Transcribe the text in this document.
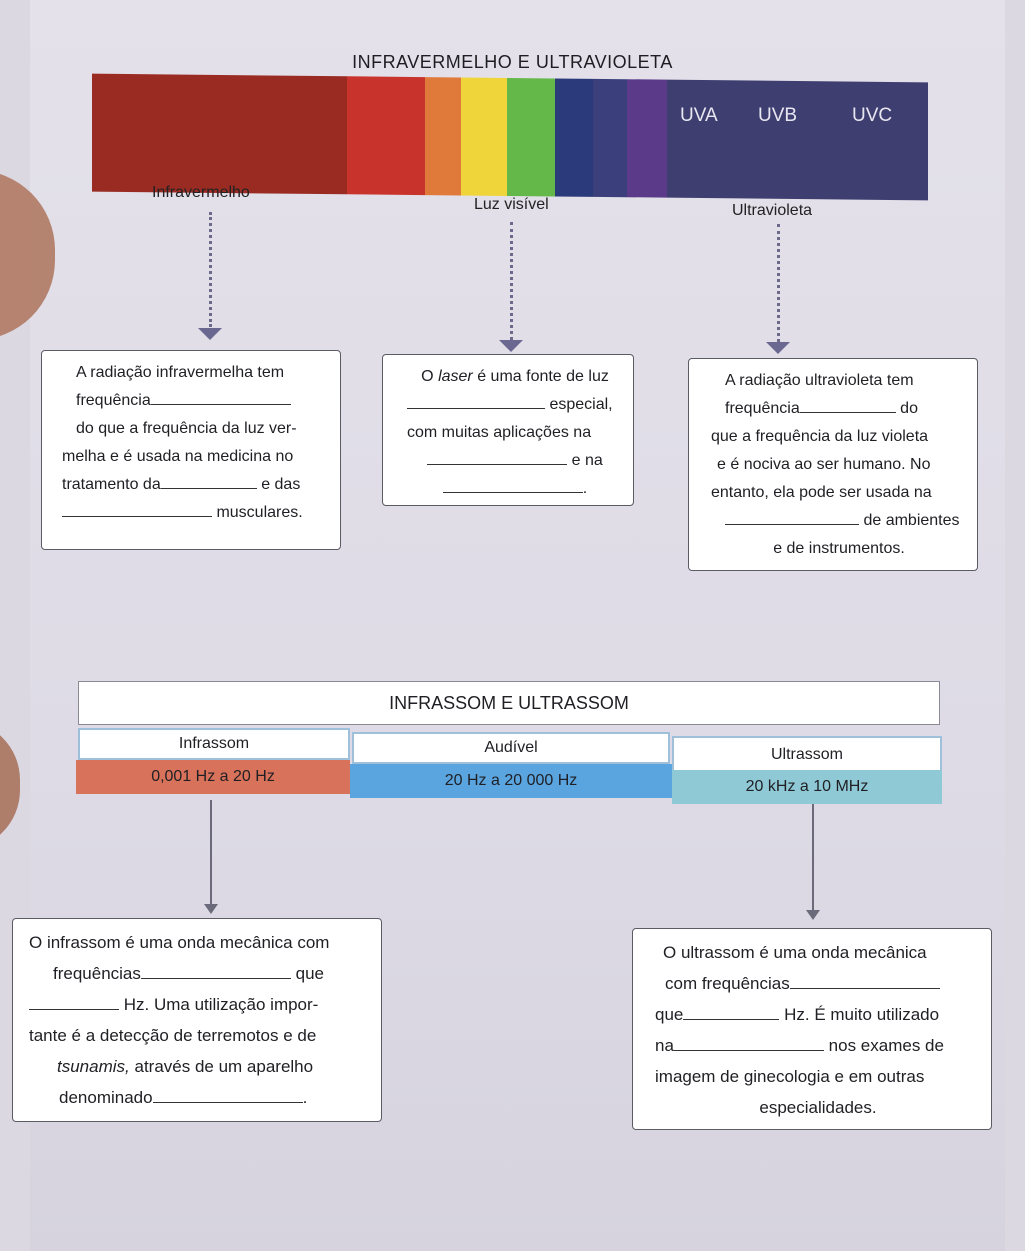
INFRAVERMELHO E ULTRAVIOLETA
UVA UVB	UVC
Infravermelho
Luz visível	Ultravioleta

A radiação infravermelha tem

frequência

do que a frequência da luz ver-

melha e é usada na medicina no

tratamento da	e das

musculares.

O laser é uma fonte de luz

especial,

com muitas aplicações na

e na

.

A radiação ultravioleta tem

frequência	do

que a frequência da luz violeta

e é nociva ao ser humano. No

entanto, ela pode ser usada na

de ambientes

e de instrumentos.

INFRASSOM E ULTRASSOM
Infrassom	Audível	Ultrassom
0,001 Hz a 20 Hz	20 Hz a 20 000 Hz	20 kHz a 10 MHz

O infrassom é uma onda mecânica com

frequências	que

Hz. Uma utilização impor-

tante é a detecção de terremotos e de

tsunamis, através de um aparelho

denominado	.

O ultrassom é uma onda mecânica

com frequências

que	Hz. É muito utilizado

na	nos exames de

imagem de ginecologia e em outras

especialidades.
